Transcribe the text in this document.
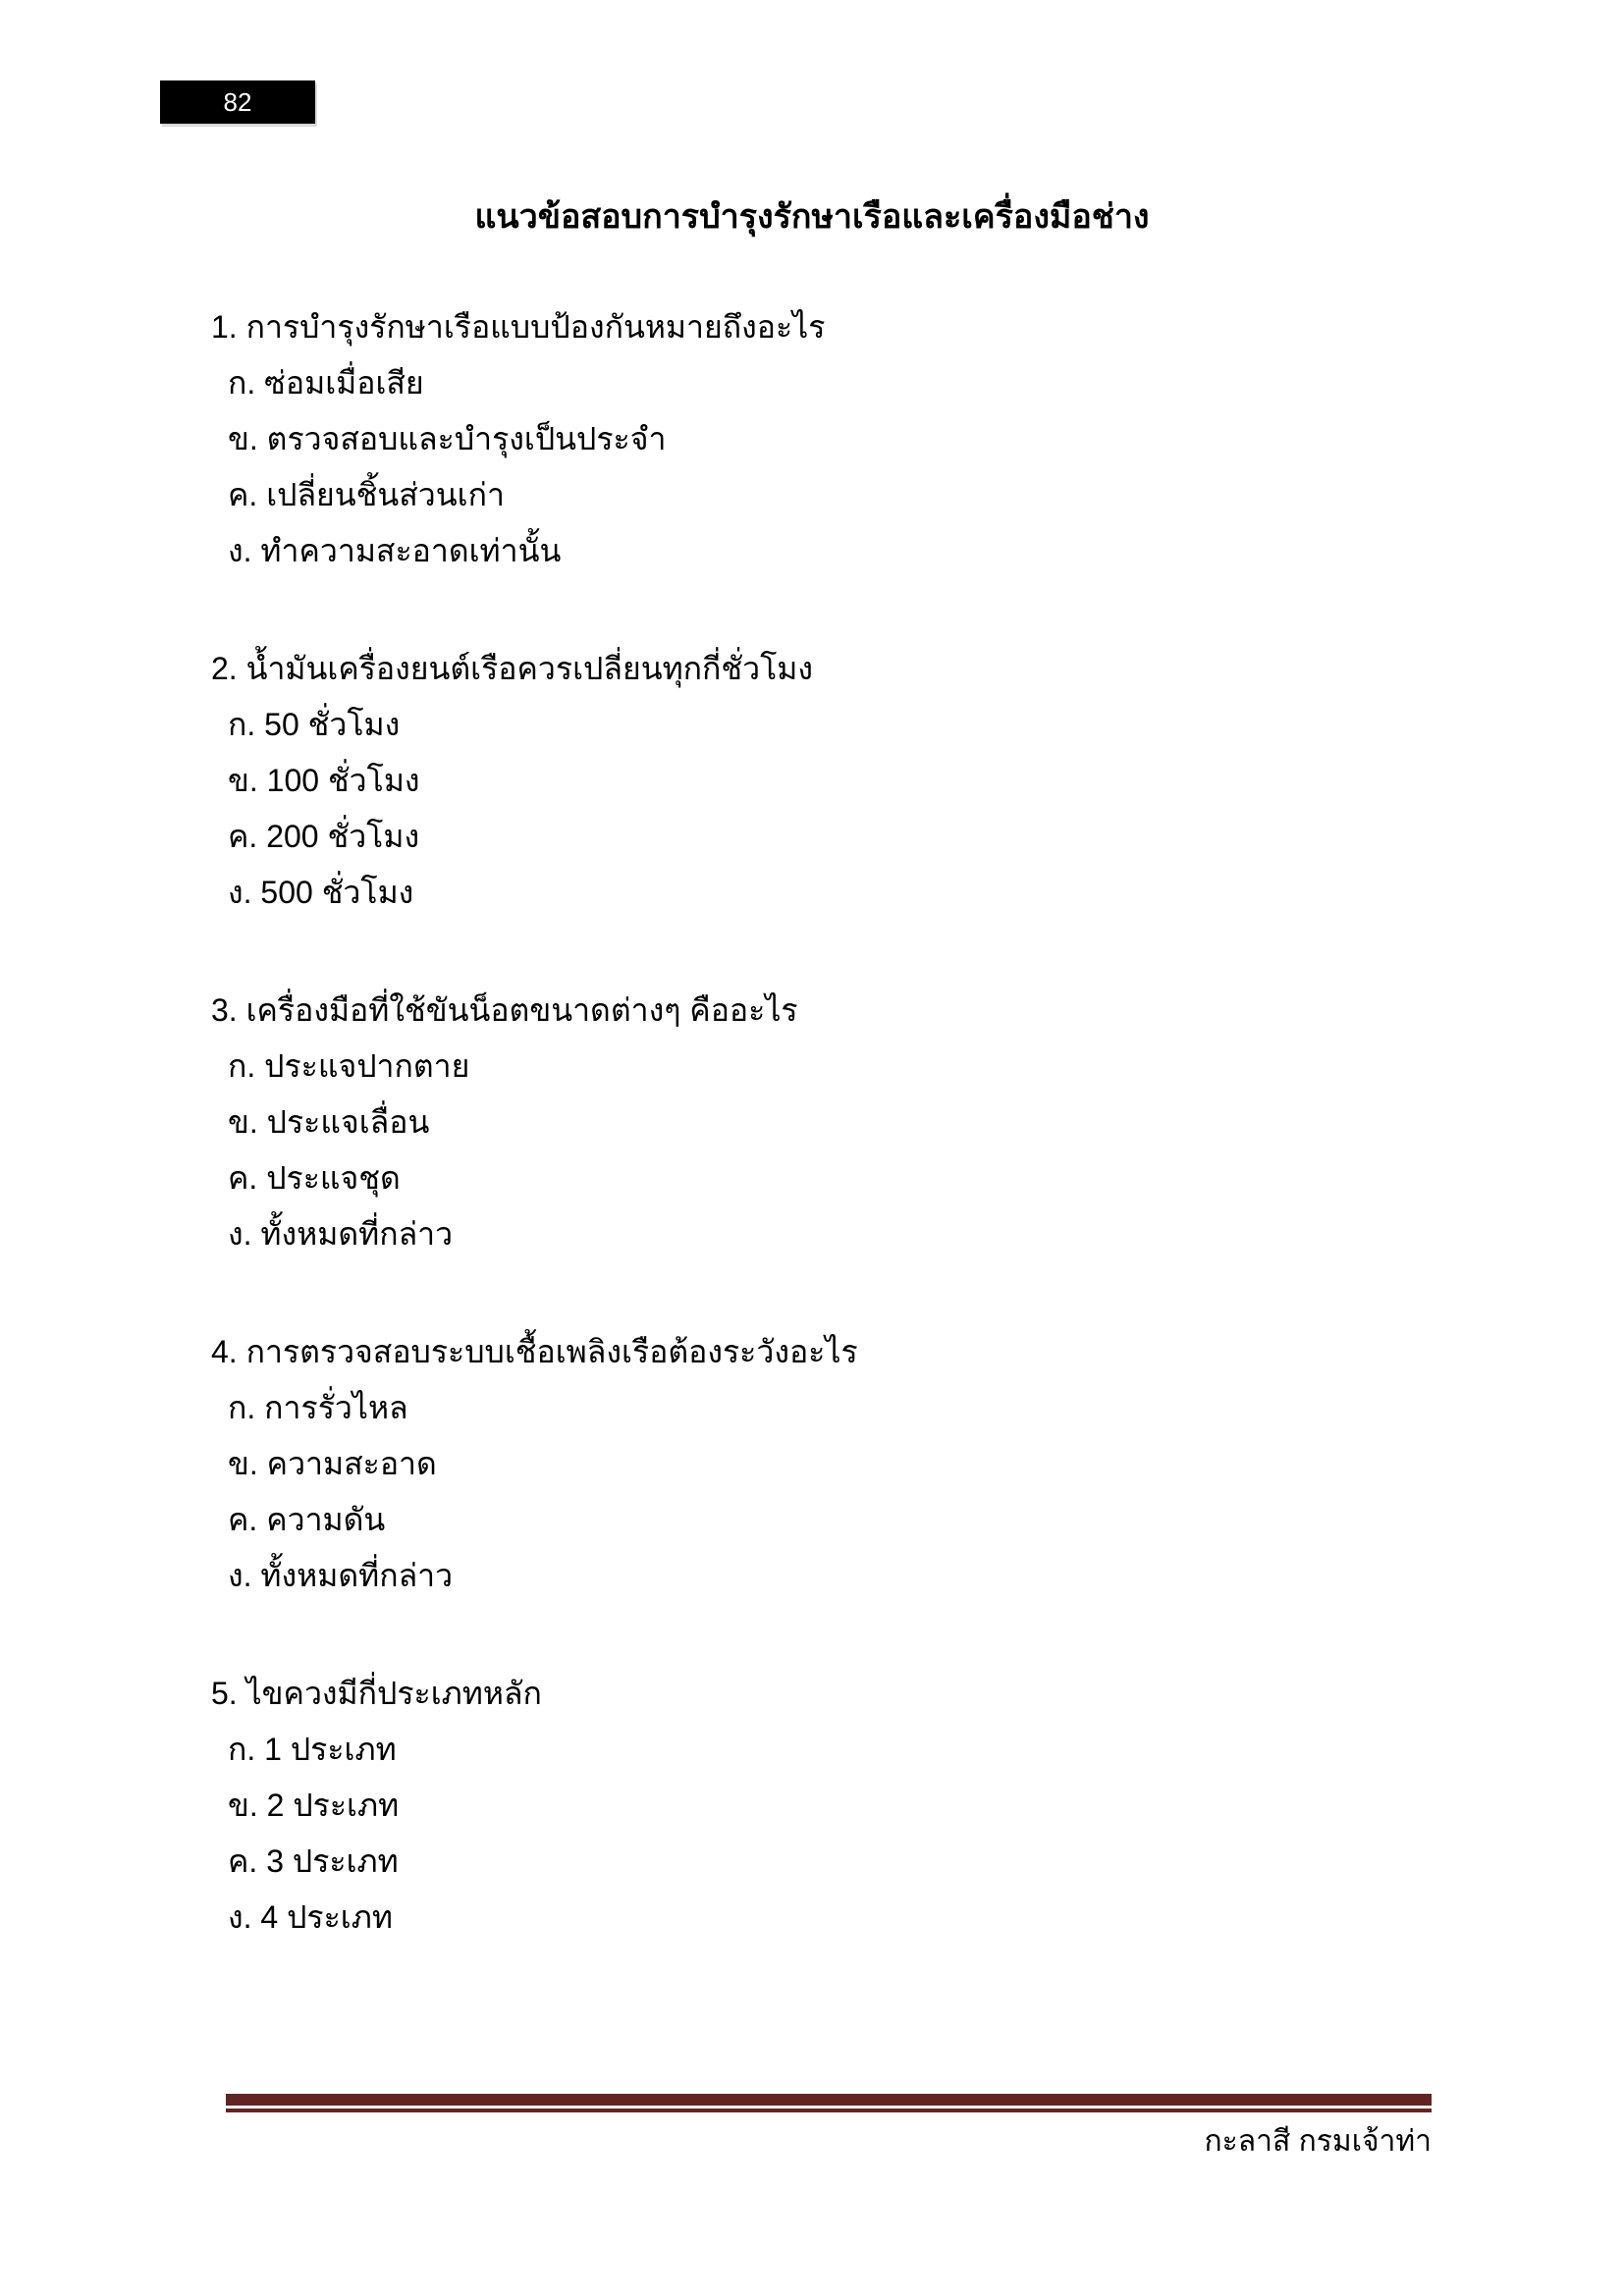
82
แนวข้อสอบการบำรุงรักษาเรือและเครื่องมือช่าง
1. การบำรุงรักษาเรือแบบป้องกันหมายถึงอะไร
ก. ซ่อมเมื่อเสีย
ข. ตรวจสอบและบำรุงเป็นประจำ
ค. เปลี่ยนชิ้นส่วนเก่า
ง. ทำความสะอาดเท่านั้น
2. น้ำมันเครื่องยนต์เรือควรเปลี่ยนทุกกี่ชั่วโมง
ก. 50 ชั่วโมง
ข. 100 ชั่วโมง
ค. 200 ชั่วโมง
ง. 500 ชั่วโมง
3. เครื่องมือที่ใช้ขันน็อตขนาดต่างๆ คืออะไร
ก. ประแจปากตาย
ข. ประแจเลื่อน
ค. ประแจชุด
ง. ทั้งหมดที่กล่าว
4. การตรวจสอบระบบเชื้อเพลิงเรือต้องระวังอะไร
ก. การรั่วไหล
ข. ความสะอาด
ค. ความดัน
ง. ทั้งหมดที่กล่าว
5. ไขควงมีกี่ประเภทหลัก
ก. 1 ประเภท
ข. 2 ประเภท
ค. 3 ประเภท
ง. 4 ประเภท
กะลาสี กรมเจ้าท่า
